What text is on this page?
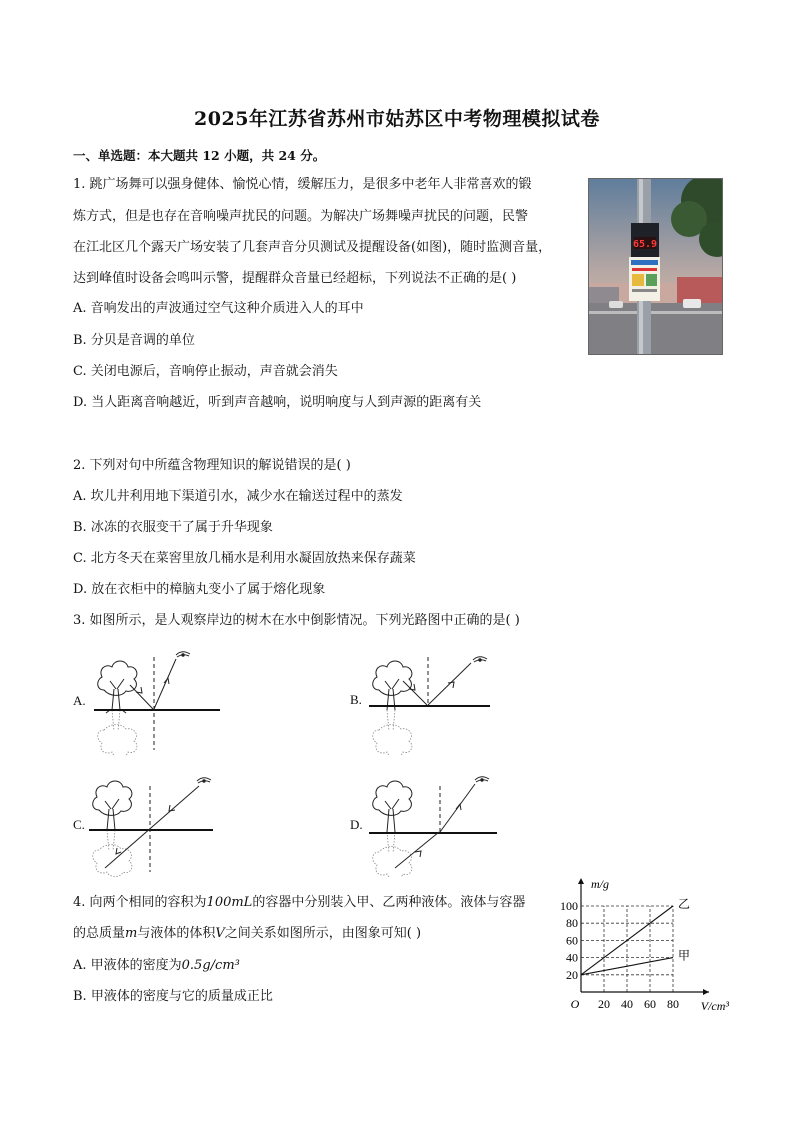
2025年江苏省苏州市姑苏区中考物理模拟试卷
一、单选题：本大题共 12 小题，共 24 分。
1. 跳广场舞可以强身健体、愉悦心情，缓解压力，是很多中老年人非常喜欢的锻
炼方式，但是也存在音响噪声扰民的问题。为解决广场舞噪声扰民的问题，民警
在江北区几个露天广场安装了几套声音分贝测试及提醒设备(如图)，随时监测音量，
达到峰值时设备会鸣叫示警，提醒群众音量已经超标，下列说法不正确的是( )
A. 音响发出的声波通过空气这种介质进入人的耳中
B. 分贝是音调的单位
C. 关闭电源后，音响停止振动，声音就会消失
D. 当人距离音响越近，听到声音越响，说明响度与人到声源的距离有关
65.9
2. 下列对句中所蕴含物理知识的解说错误的是( )
A. 坎儿井利用地下渠道引水，减少水在输送过程中的蒸发
B. 冰冻的衣服变干了属于升华现象
C. 北方冬天在菜窖里放几桶水是利用水凝固放热来保存蔬菜
D. 放在衣柜中的樟脑丸变小了属于熔化现象
3. 如图所示，是人观察岸边的树木在水中倒影情况。下列光路图中正确的是( )
A.	B.
C.	D.
4. 向两个相同的容积为100mL的容器中分别装入甲、乙两种液体。液体与容器
的总质量m与液体的体积V之间关系如图所示，由图象可知( )
A. 甲液体的密度为0.5g/cm³
B. 甲液体的密度与它的质量成正比	20 40 60 80
20
40
60
80
100
O	V/cm³
m/g
乙
甲
